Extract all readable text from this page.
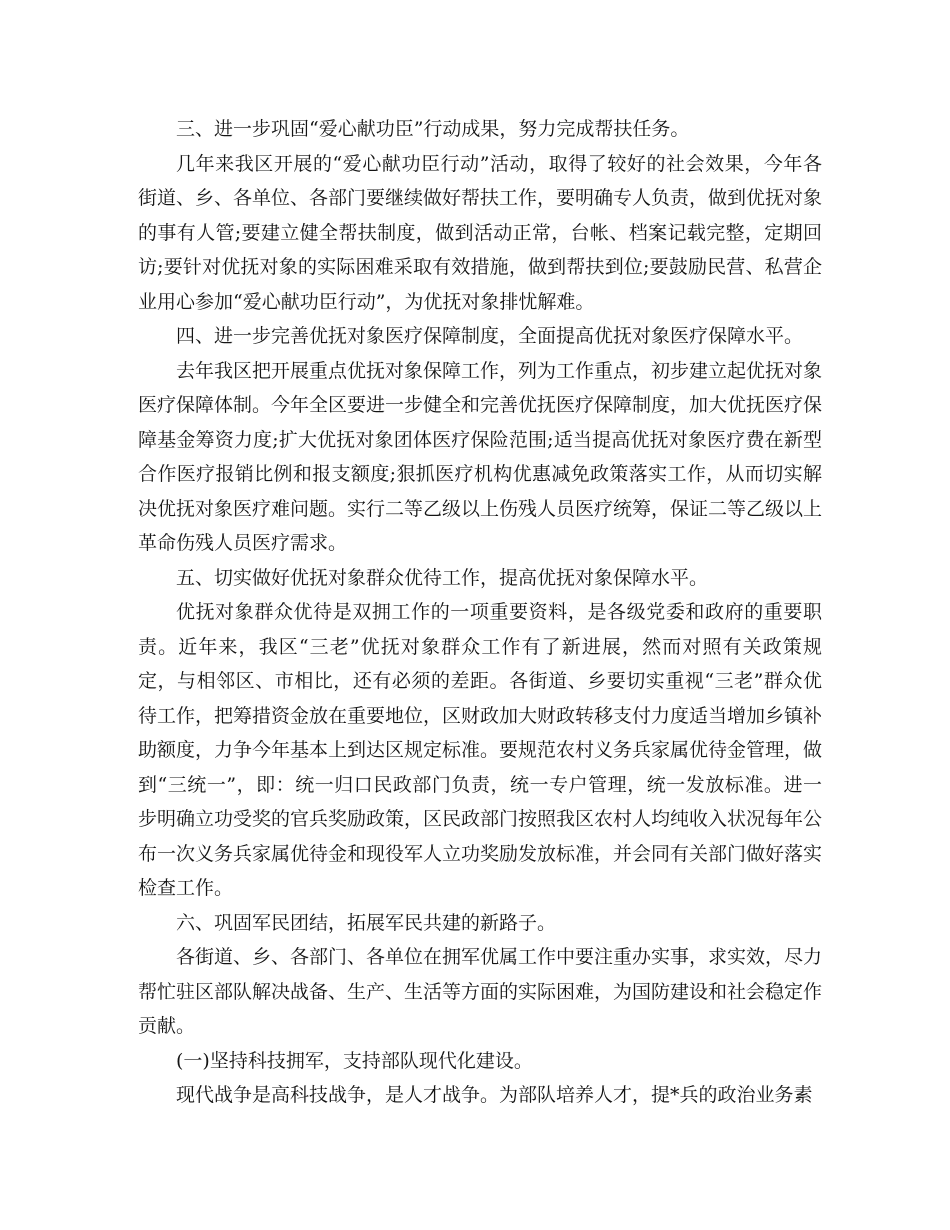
三、进一步巩固“爱心献功臣”行动成果，努力完成帮扶任务。

几年来我区开展的“爱心献功臣行动”活动，取得了较好的社会效果，今年各街道、乡、各单位、各部门要继续做好帮扶工作，要明确专人负责，做到优抚对象的事有人管;要建立健全帮扶制度，做到活动正常，台帐、档案记载完整，定期回访;要针对优抚对象的实际困难采取有效措施，做到帮扶到位;要鼓励民营、私营企业用心参加“爱心献功臣行动”，为优抚对象排忧解难。

四、进一步完善优抚对象医疗保障制度，全面提高优抚对象医疗保障水平。

去年我区把开展重点优抚对象保障工作，列为工作重点，初步建立起优抚对象医疗保障体制。今年全区要进一步健全和完善优抚医疗保障制度，加大优抚医疗保障基金筹资力度;扩大优抚对象团体医疗保险范围;适当提高优抚对象医疗费在新型合作医疗报销比例和报支额度;狠抓医疗机构优惠减免政策落实工作，从而切实解决优抚对象医疗难问题。实行二等乙级以上伤残人员医疗统筹，保证二等乙级以上革命伤残人员医疗需求。

五、切实做好优抚对象群众优待工作，提高优抚对象保障水平。

优抚对象群众优待是双拥工作的一项重要资料，是各级党委和政府的重要职责。近年来，我区“三老”优抚对象群众工作有了新进展，然而对照有关政策规定，与相邻区、市相比，还有必须的差距。各街道、乡要切实重视“三老”群众优待工作，把筹措资金放在重要地位，区财政加大财政转移支付力度适当增加乡镇补助额度，力争今年基本上到达区规定标准。要规范农村义务兵家属优待金管理，做到“三统一”，即：统一归口民政部门负责，统一专户管理，统一发放标准。进一步明确立功受奖的官兵奖励政策，区民政部门按照我区农村人均纯收入状况每年公布一次义务兵家属优待金和现役军人立功奖励发放标准，并会同有关部门做好落实检查工作。

六、巩固军民团结，拓展军民共建的新路子。

各街道、乡、各部门、各单位在拥军优属工作中要注重办实事，求实效，尽力帮忙驻区部队解决战备、生产、生活等方面的实际困难，为国防建设和社会稳定作贡献。

(一)坚持科技拥军，支持部队现代化建设。

现代战争是高科技战争，是人才战争。为部队培养人才，提*兵的政治业务素
